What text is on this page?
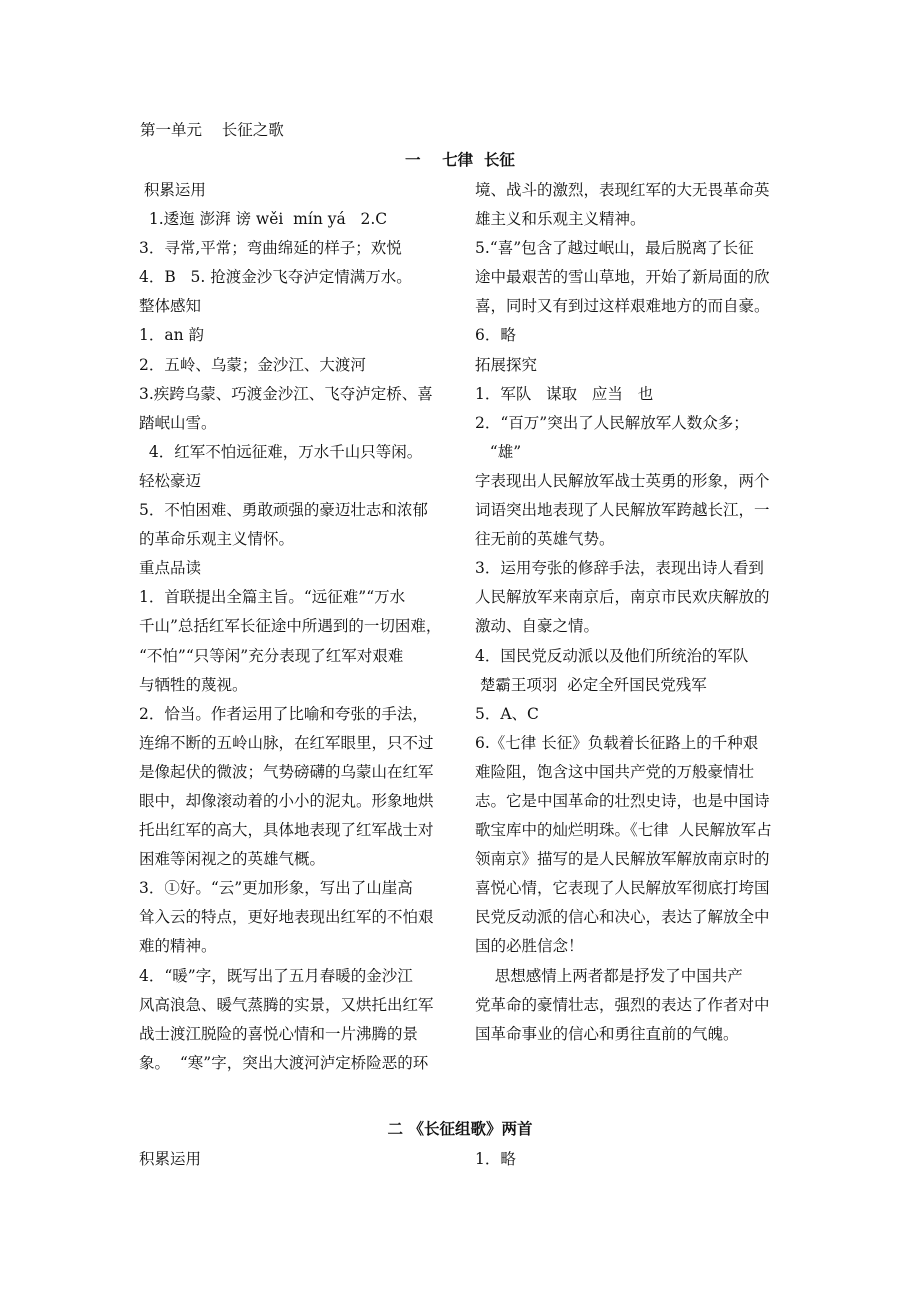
第一单元    长征之歌
一    七律  长征
积累运用
1.逶迤 澎湃 谤 wěi  mín yá   2.C
3．寻常,平常；弯曲绵延的样子；欢悦
4．B   5. 抢渡金沙飞夺泸定情满万水。
整体感知
1．an 韵
2．五岭、乌蒙；金沙江、大渡河
3.疾跨乌蒙、巧渡金沙江、飞夺泸定桥、喜
踏岷山雪。
4．红军不怕远征难，万水千山只等闲。
轻松豪迈
5．不怕困难、勇敢顽强的豪迈壮志和浓郁
的革命乐观主义情怀。
重点品读
1．首联提出全篇主旨。“远征难”“万水
千山”总括红军长征途中所遇到的一切困难，
“不怕”“只等闲”充分表现了红军对艰难
与牺牲的蔑视。
2．恰当。作者运用了比喻和夸张的手法，
连绵不断的五岭山脉，在红军眼里，只不过
是像起伏的微波；气势磅礴的乌蒙山在红军
眼中，却像滚动着的小小的泥丸。形象地烘
托出红军的高大，具体地表现了红军战士对
困难等闲视之的英雄气概。
3．①好。“云”更加形象，写出了山崖高
耸入云的特点，更好地表现出红军的不怕艰
难的精神。
4．“暖”字，既写出了五月春暖的金沙江
风高浪急、暖气蒸腾的实景，又烘托出红军
战士渡江脱险的喜悦心情和一片沸腾的景
象。  “寒”字，突出大渡河泸定桥险恶的环
境、战斗的激烈，表现红军的大无畏革命英
雄主义和乐观主义精神。
5.“喜”包含了越过岷山，最后脱离了长征
途中最艰苦的雪山草地，开始了新局面的欣
喜，同时又有到过这样艰难地方的而自豪。
6．略
拓展探究
1．军队   谋取   应当   也
2．“百万”突出了人民解放军人数众多；
“雄”
字表现出人民解放军战士英勇的形象，两个
词语突出地表现了人民解放军跨越长江，一
往无前的英雄气势。
3．运用夸张的修辞手法，表现出诗人看到
人民解放军来南京后，南京市民欢庆解放的
激动、自豪之情。
4．国民党反动派以及他们所统治的军队
楚霸王项羽  必定全歼国民党残军
5．A、C
6.《七律 长征》负载着长征路上的千种艰
难险阻，饱含这中国共产党的万般豪情壮
志。它是中国革命的壮烈史诗，也是中国诗
歌宝库中的灿烂明珠。《七律  人民解放军占
领南京》描写的是人民解放军解放南京时的
喜悦心情，它表现了人民解放军彻底打垮国
民党反动派的信心和决心，表达了解放全中
国的必胜信念！
思想感情上两者都是抒发了中国共产
党革命的豪情壮志，强烈的表达了作者对中
国革命事业的信心和勇往直前的气魄。
二 《长征组歌》两首
积累运用	1．略
